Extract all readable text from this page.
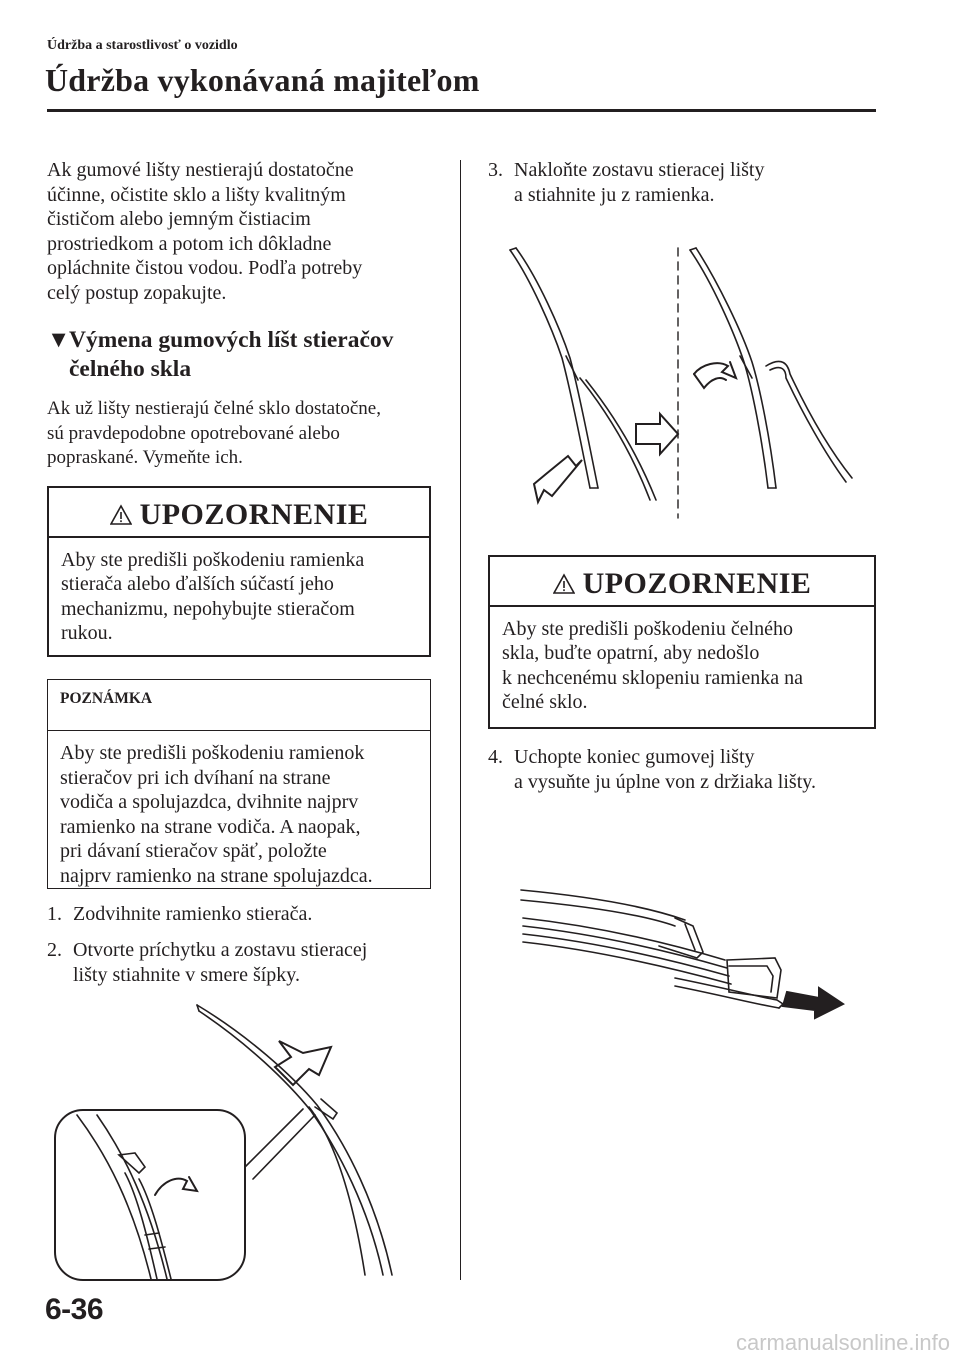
Údržba a starostlivosť o vozidlo
Údržba vykonávaná majiteľom

Ak gumové lišty nestierajú dostatočne

účinne, očistite sklo a lišty kvalitným

čističom alebo jemným čistiacim

prostriedkom a potom ich dôkladne

opláchnite čistou vodou. Podľa potreby

celý postup zopakujte.

▼Výmena gumových líšt stieračov
čelného skla

Ak už lišty nestierajú čelné sklo dostatočne,

sú pravdepodobne opotrebované alebo

popraskané. Vymeňte ich.

UPOZORNENIE
Aby ste predišli poškodeniu ramienka
stierača alebo ďalších súčastí jeho
mechanizmu, nepohybujte stieračom
rukou.
POZNÁMKA
Aby ste predišli poškodeniu ramienok
stieračov pri ich dvíhaní na strane
vodiča a spolujazdca, dvihnite najprv
ramienko na strane vodiča. A naopak,
pri dávaní stieračov späť, položte
najprv ramienko na strane spolujazdca.
1. Zodvihnite ramienko stierača.
2. Otvorte príchytku a zostavu stieracej
lišty stiahnite v smere šípky.
3. Nakloňte zostavu stieracej lišty
a stiahnite ju z ramienka.
UPOZORNENIE
Aby ste predišli poškodeniu čelného
skla, buďte opatrní, aby nedošlo
k nechcenému sklopeniu ramienka na
čelné sklo.
4. Uchopte koniec gumovej lišty
a vysuňte ju úplne von z držiaka lišty.
6-36
carmanualsonline.info
